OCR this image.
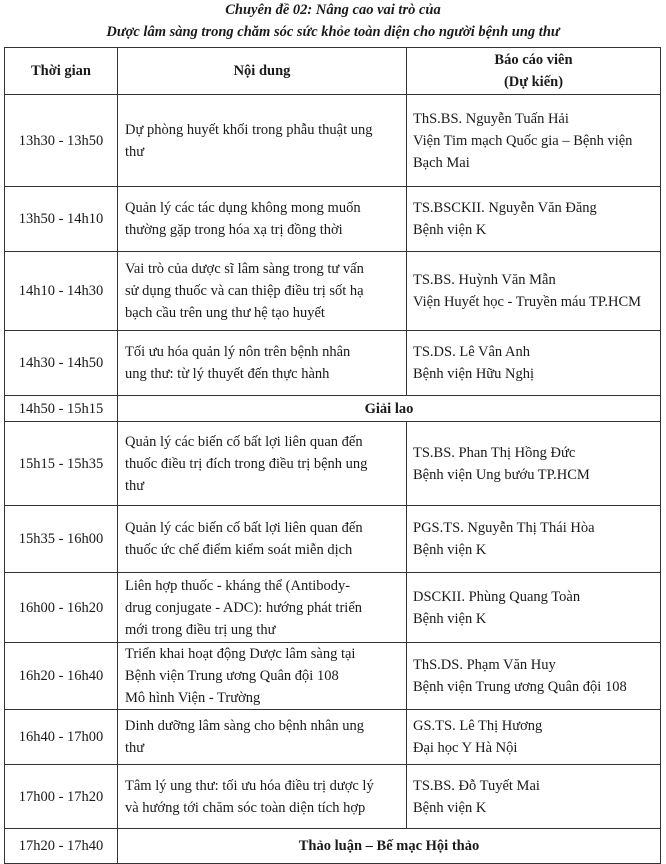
Chuyên đề 02: Nâng cao vai trò của
Dược lâm sàng trong chăm sóc sức khỏe toàn diện cho người bệnh ung thư
Thời gian	Nội dung	Báo cáo viên
(Dự kiến)

13h30 - 13h50	Dự phòng huyết khối trong phẫu thuật ung
thư	ThS.BS. Nguyễn Tuấn Hải
Viện Tim mạch Quốc gia – Bệnh viện
Bạch Mai

13h50 - 14h10	Quản lý các tác dụng không mong muốn
thường gặp trong hóa xạ trị đồng thời	TS.BSCKII. Nguyễn Văn Đăng
Bệnh viện K

14h10 - 14h30	Vai trò của dược sĩ lâm sàng trong tư vấn
sử dụng thuốc và can thiệp điều trị sốt hạ
bạch cầu trên ung thư hệ tạo huyết	TS.BS. Huỳnh Văn Mẫn
Viện Huyết học - Truyền máu TP.HCM

14h30 - 14h50	Tối ưu hóa quản lý nôn trên bệnh nhân
ung thư: từ lý thuyết đến thực hành	TS.DS. Lê Vân Anh
Bệnh viện Hữu Nghị

14h50 - 15h15	Giải lao	
15h15 - 15h35	Quản lý các biến cố bất lợi liên quan đến
thuốc điều trị đích trong điều trị bệnh ung
thư	TS.BS. Phan Thị Hồng Đức
Bệnh viện Ung bướu TP.HCM

15h35 - 16h00	Quản lý các biến cố bất lợi liên quan đến
thuốc ức chế điểm kiểm soát miễn dịch	PGS.TS. Nguyễn Thị Thái Hòa
Bệnh viện K

16h00 - 16h20	Liên hợp thuốc - kháng thể (Antibody-
drug conjugate - ADC): hướng phát triển
mới trong điều trị ung thư	DSCKII. Phùng Quang Toàn
Bệnh viện K

16h20 - 16h40	Triển khai hoạt động Dược lâm sàng tại
Bệnh viện Trung ương Quân đội 108
Mô hình Viện - Trường	ThS.DS. Phạm Văn Huy
Bệnh viện Trung ương Quân đội 108

16h40 - 17h00	Dinh dưỡng lâm sàng cho bệnh nhân ung
thư	GS.TS. Lê Thị Hương
Đại học Y Hà Nội

17h00 - 17h20	Tâm lý ung thư: tối ưu hóa điều trị dược lý
và hướng tới chăm sóc toàn diện tích hợp	TS.BS. Đỗ Tuyết Mai
Bệnh viện K

17h20 - 17h40	Thảo luận – Bế mạc Hội thảo	
